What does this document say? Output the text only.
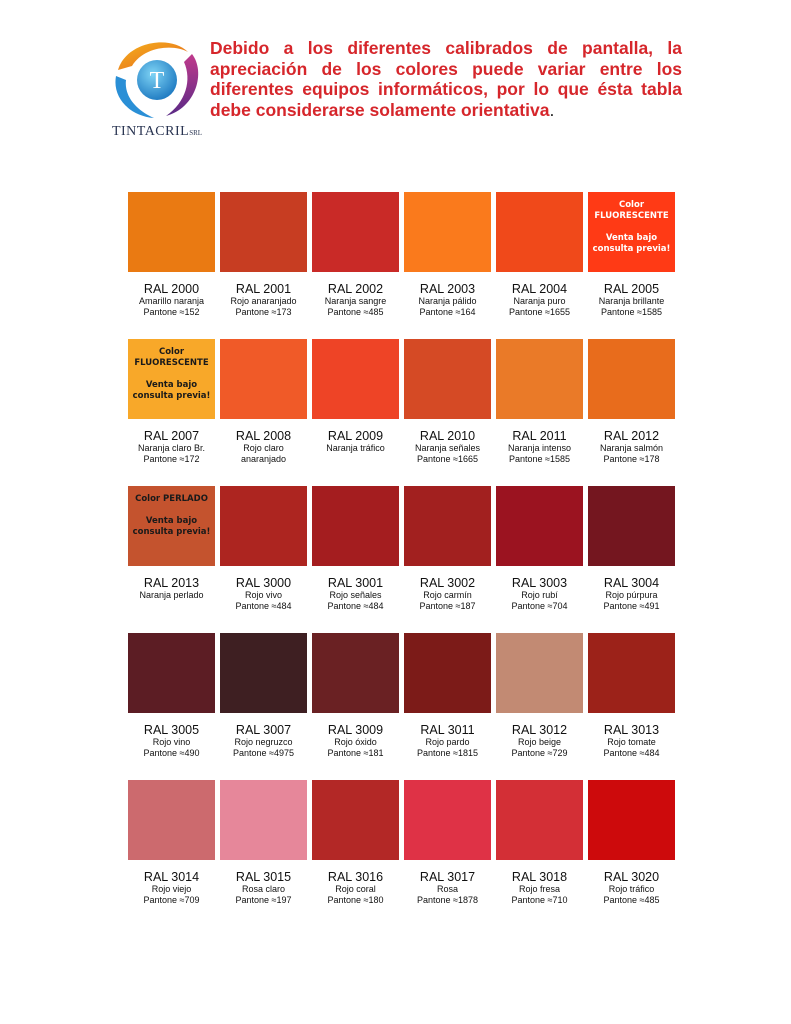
T
TINTACRILSRL
Debido a los diferentes calibrados de pantalla, la apreciación de los colores puede variar entre los diferentes equipos informáticos, por lo que ésta tabla debe considerarse solamente orientativa.
RAL 2000
Amarillo naranja
Pantone ≈152
RAL 2001
Rojo anaranjado
Pantone ≈173
RAL 2002
Naranja sangre
Pantone ≈485
RAL 2003
Naranja pálido
Pantone ≈164
RAL 2004
Naranja puro
Pantone ≈1655
Color
FLUORESCENTE

Venta bajo
consulta previa!
RAL 2005
Naranja brillante
Pantone ≈1585
Color
FLUORESCENTE

Venta bajo
consulta previa!
RAL 2007
Naranja claro Br.
Pantone ≈172
RAL 2008
Rojo claro
anaranjado
RAL 2009
Naranja tráfico
RAL 2010
Naranja señales
Pantone ≈1665
RAL 2011
Naranja intenso
Pantone ≈1585
RAL 2012
Naranja salmón
Pantone ≈178
Color PERLADO

Venta bajo
consulta previa!
RAL 2013
Naranja perlado
RAL 3000
Rojo vivo
Pantone ≈484
RAL 3001
Rojo señales
Pantone ≈484
RAL 3002
Rojo carmín
Pantone ≈187
RAL 3003
Rojo rubí
Pantone ≈704
RAL 3004
Rojo púrpura
Pantone ≈491
RAL 3005
Rojo vino
Pantone ≈490
RAL 3007
Rojo negruzco
Pantone ≈4975
RAL 3009
Rojo óxido
Pantone ≈181
RAL 3011
Rojo pardo
Pantone ≈1815
RAL 3012
Rojo beige
Pantone ≈729
RAL 3013
Rojo tomate
Pantone ≈484
RAL 3014
Rojo viejo
Pantone ≈709
RAL 3015
Rosa claro
Pantone ≈197
RAL 3016
Rojo coral
Pantone ≈180
RAL 3017
Rosa
Pantone ≈1878
RAL 3018
Rojo fresa
Pantone ≈710
RAL 3020
Rojo tráfico
Pantone ≈485
